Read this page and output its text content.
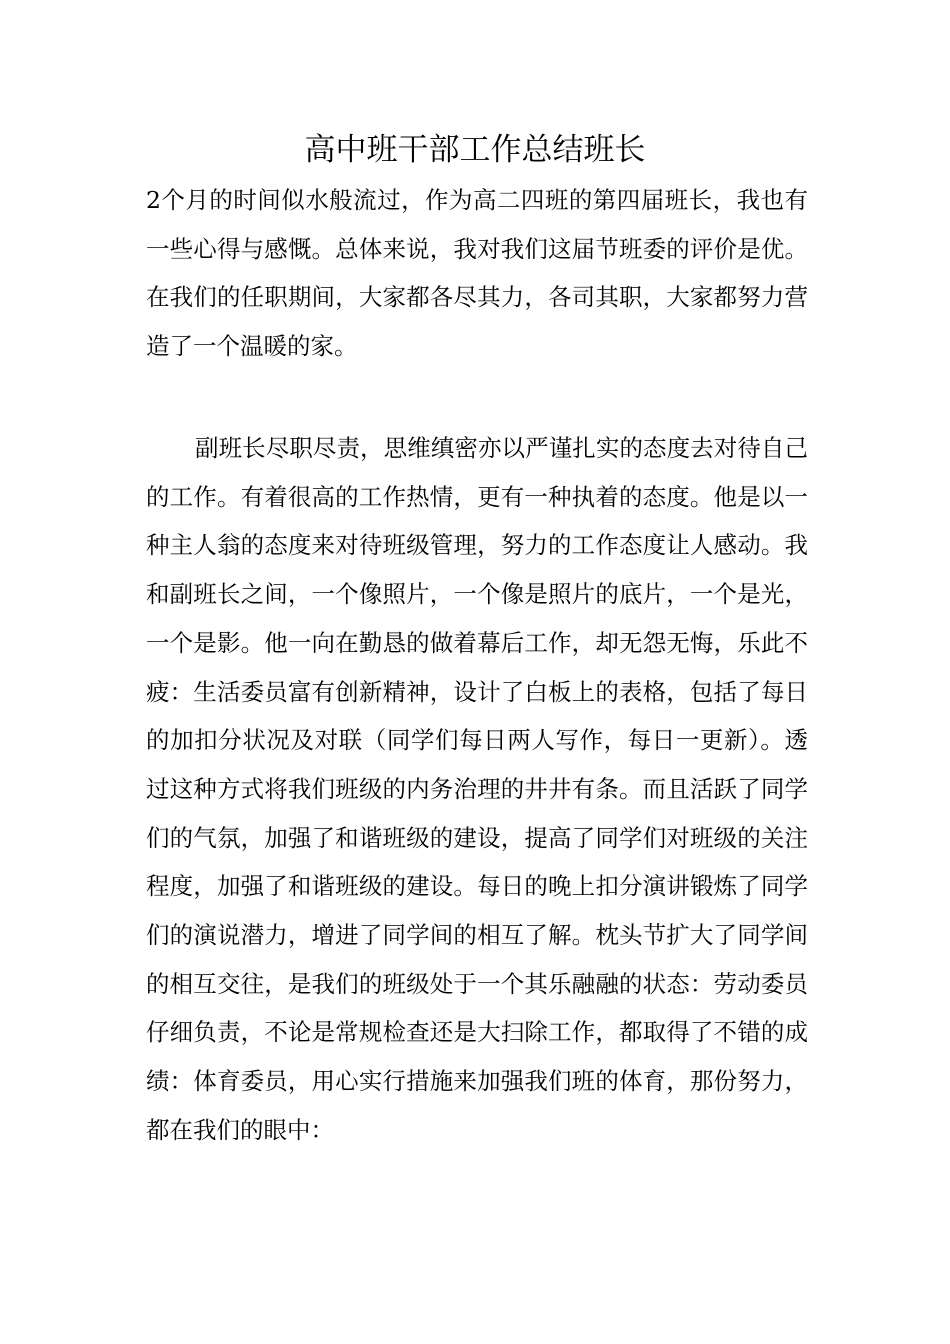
高中班干部工作总结班长

2个月的时间似水般流过，作为高二四班的第四届班长，我也有一些心得与感慨。总体来说，我对我们这届节班委的评价是优。在我们的任职期间，大家都各尽其力，各司其职，大家都努力营造了一个温暖的家。

副班长尽职尽责，思维缜密亦以严谨扎实的态度去对待自己的工作。有着很高的工作热情，更有一种执着的态度。他是以一种主人翁的态度来对待班级管理，努力的工作态度让人感动。我和副班长之间，一个像照片，一个像是照片的底片，一个是光，一个是影。他一向在勤恳的做着幕后工作，却无怨无悔，乐此不疲：生活委员富有创新精神，设计了白板上的表格，包括了每日的加扣分状况及对联（同学们每日两人写作，每日一更新）。透过这种方式将我们班级的内务治理的井井有条。而且活跃了同学们的气氛，加强了和谐班级的建设，提高了同学们对班级的关注程度，加强了和谐班级的建设。每日的晚上扣分演讲锻炼了同学们的演说潜力，增进了同学间的相互了解。枕头节扩大了同学间的相互交往，是我们的班级处于一个其乐融融的状态：劳动委员仔细负责，不论是常规检查还是大扫除工作，都取得了不错的成绩：体育委员，用心实行措施来加强我们班的体育，那份努力，都在我们的眼中：
